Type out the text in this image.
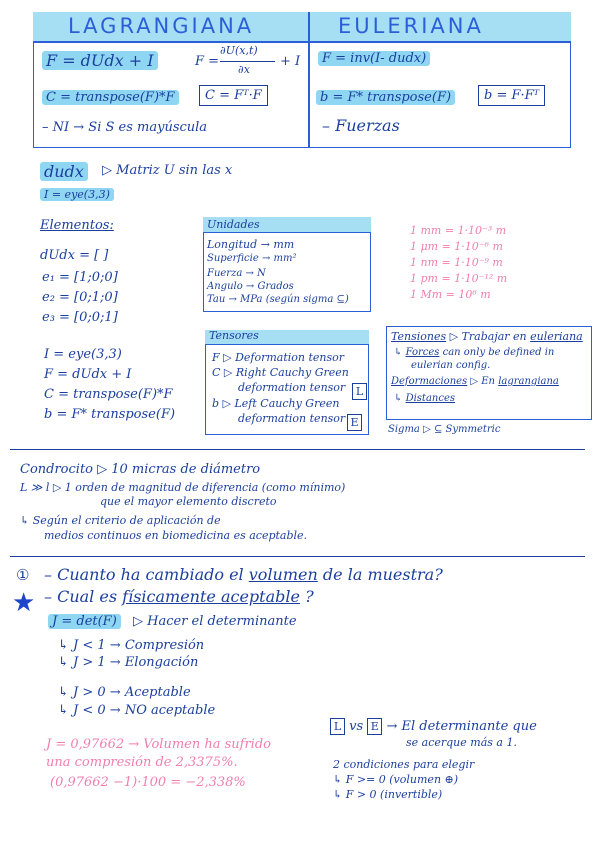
LAGRANGIANA	EULERIANA
F = dUdx + I	F =
∂U(x,t)
∂x
+ I
C = transpose(F)*F	C = Fᵀ·F
– NI → Si S es mayúscula
F = inv(I- dudx)
b = F* transpose(F)	b = F·Fᵀ
– Fuerzas
dudx	▷ Matriz U sin las x
I = eye(3,3)
Elementos:
dUdx = [ ]
e₁ = [1;0;0]
e₂ = [0;1;0]
e₃ = [0;0;1]
I = eye(3,3)
F = dUdx + I
C = transpose(F)*F
b = F* transpose(F)
Unidades
Longitud → mm
Superficie → mm²
Fuerza → N
Angulo → Grados
Tau → MPa (según sigma ⊆)
1 mm = 1·10⁻³ m
1 μm = 1·10⁻⁶ m
1 nm = 1·10⁻⁹ m
1 pm = 1·10⁻¹² m
1 Mm = 10⁶ m
Tensores
F ▷ Deformation tensor
C ▷ Right Cauchy Green
deformation tensor L
b ▷ Left Cauchy Green
deformation tensor E
Tensiones ▷ Trabajar en euleriana
↳ Forces can only be defined in
eulerian config.
Deformaciones ▷ En lagrangiana
↳ Distances
Sigma ▷ ⊆ Symmetric
Condrocito ▷ 10 micras de diámetro
L ≫ l ▷ 1 orden de magnitud de diferencia (como mínimo)
que el mayor elemento discreto
↳ Según el criterio de aplicación de
medios continuos en biomedicina es aceptable.
① – Cuanto ha cambiado el volumen de la muestra?
★ – Cual es físicamente aceptable ?
J = det(F)	▷ Hacer el determinante
↳ J < 1 → Compresión
↳ J > 1 → Elongación
↳ J > 0 → Aceptable
↳ J < 0 → NO aceptable
J = 0,97662 → Volumen ha sufrido
una compresión de 2,3375%.
(0,97662 −1)·100 = −2,338%
L vs E → El determinante que
se acerque más a 1.
2 condiciones para elegir
↳ F >= 0 (volumen ⊕)
↳ F > 0 (invertible)
